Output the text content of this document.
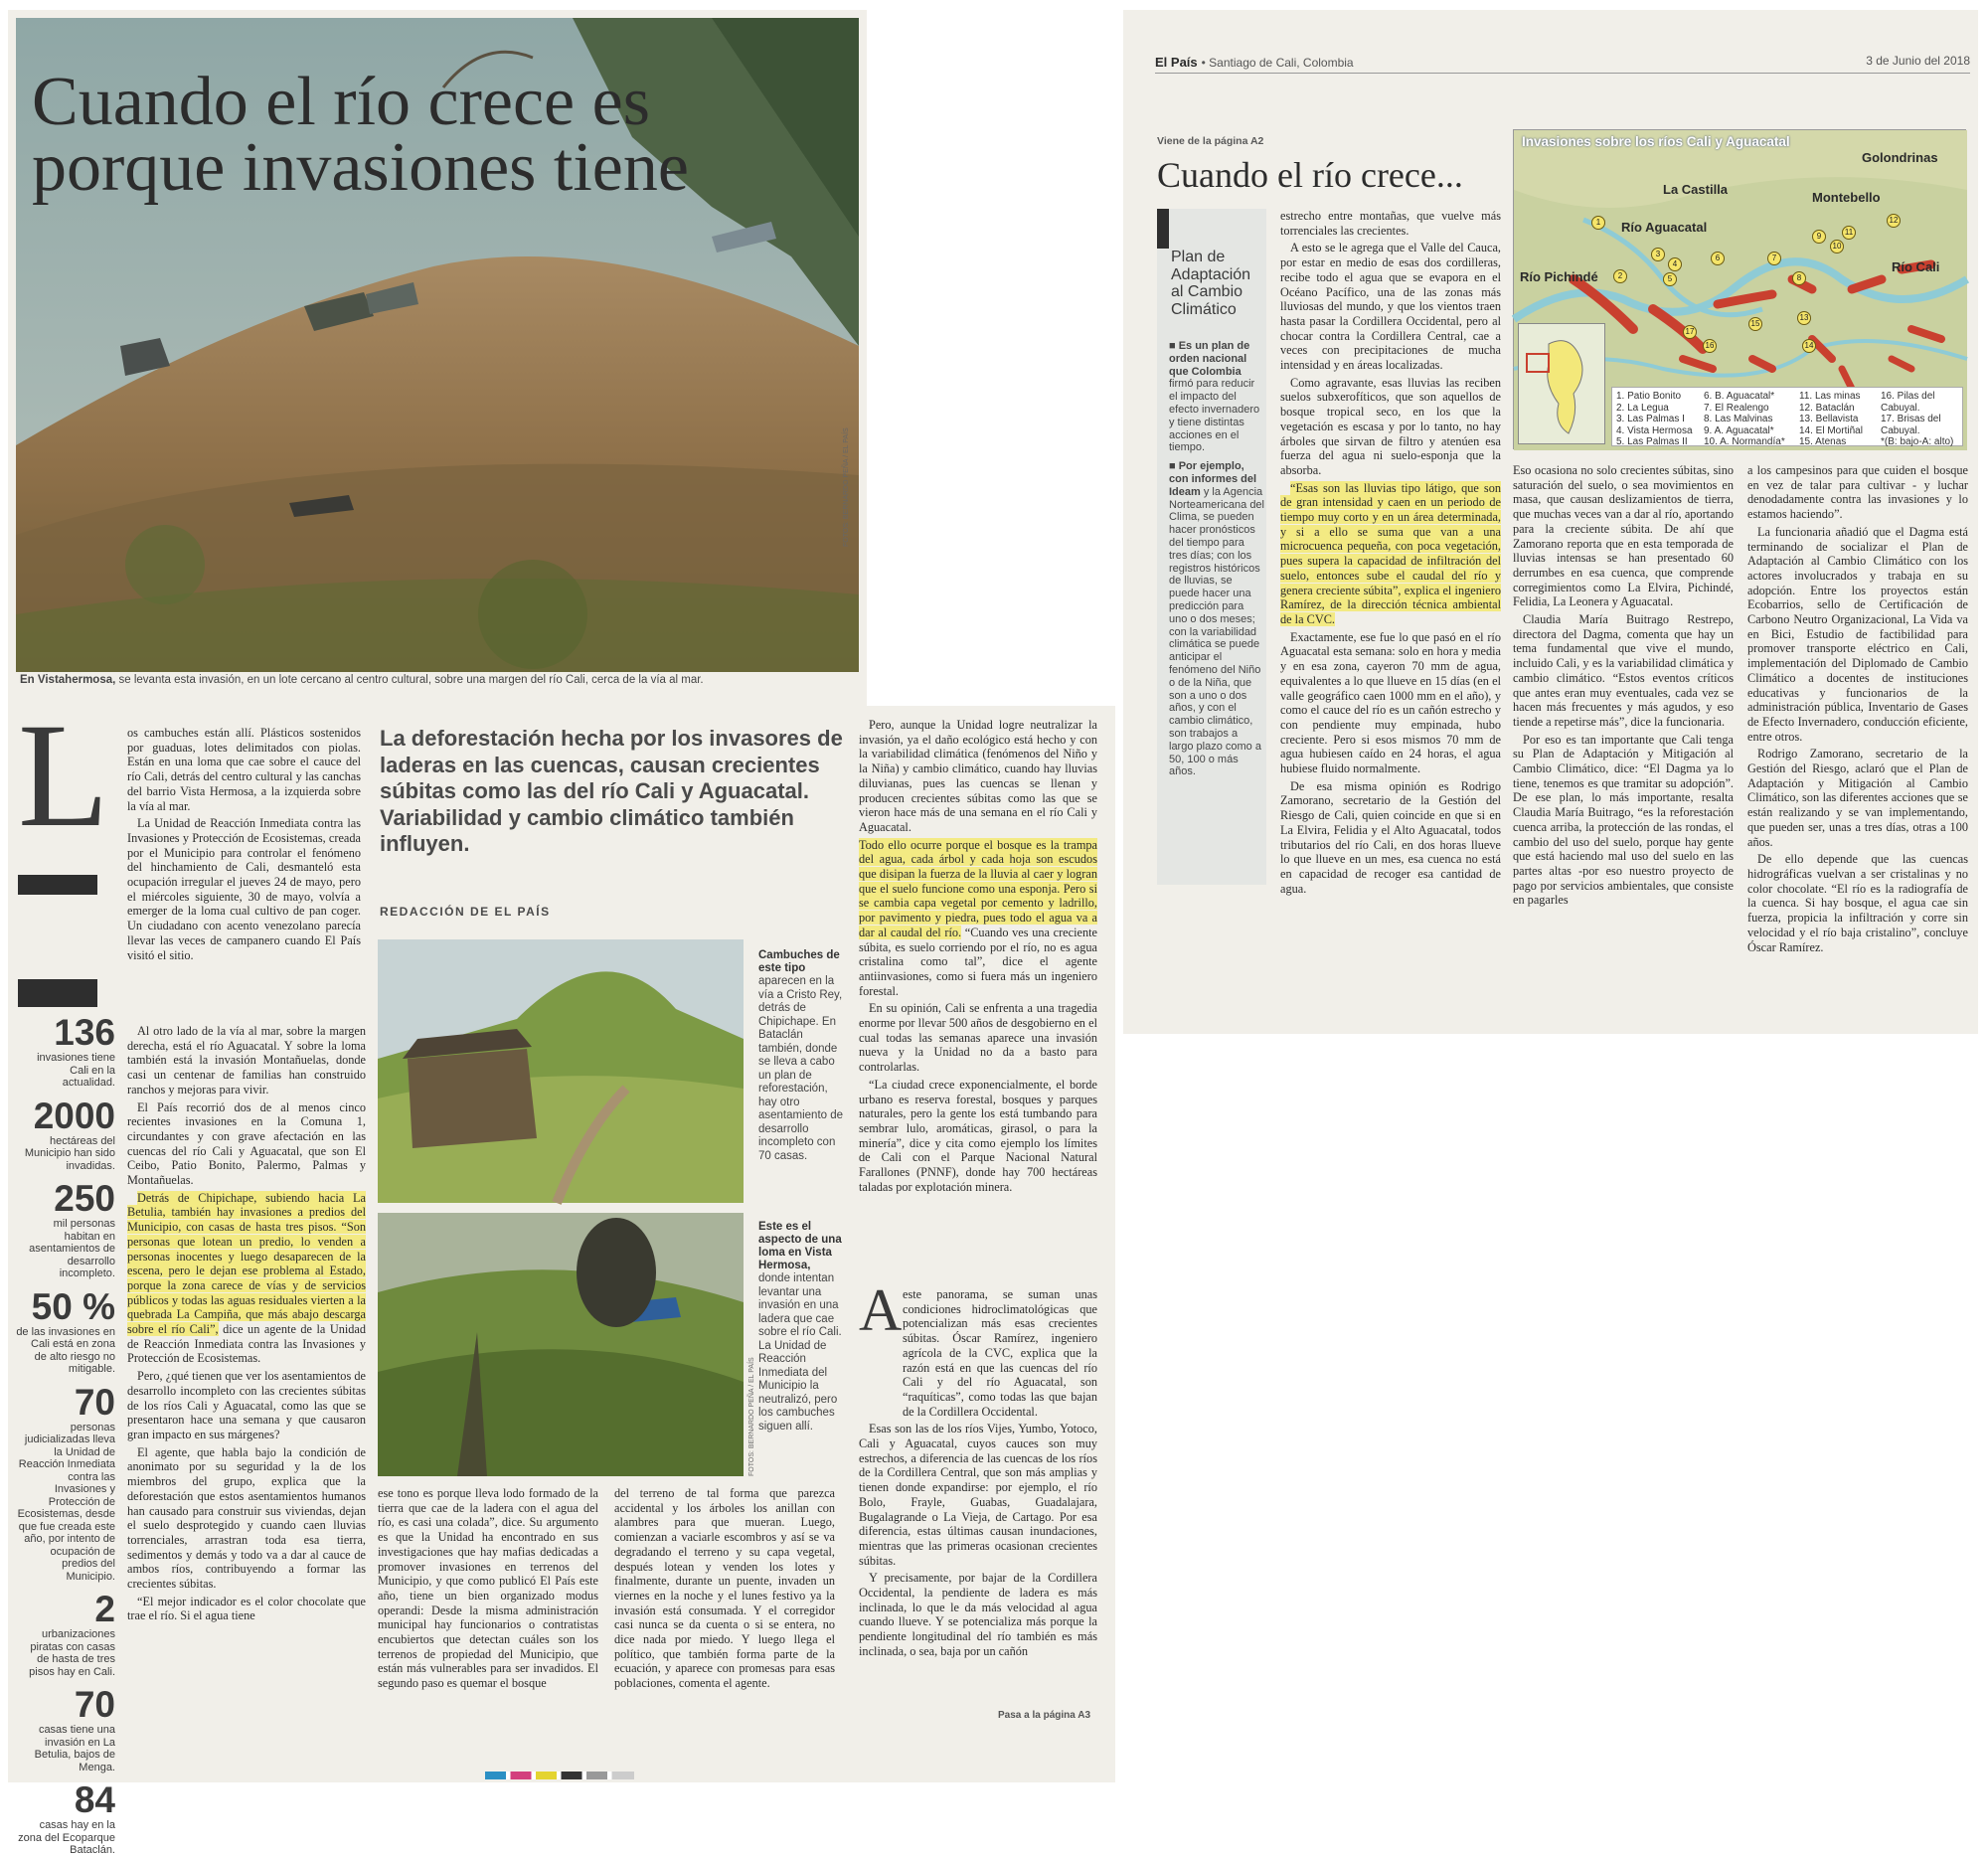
Cuando el río crece es
porque invasiones tiene
FOTOS: BERNARDO PEÑA / EL PAÍS
En Vistahermosa, se levanta esta invasión, en un lote cercano al centro cultural, sobre una margen del río Cali, cerca de la vía al mar.
L os cambuches están allí. Plásticos sostenidos por guaduas, lotes delimitados con piolas. Están en una loma que cae sobre el cauce del río Cali, detrás del centro cultural y las canchas del barrio Vista Hermosa, a la izquierda sobre la vía al mar.

La Unidad de Reacción Inmediata contra las Invasiones y Protección de Ecosistemas, creada por el Municipio para controlar el fenómeno del hinchamiento de Cali, desmanteló esta ocupación irregular el jueves 24 de mayo, pero el miércoles siguiente, 30 de mayo, volvía a emerger de la loma cual cultivo de pan coger. Un ciudadano con acento venezolano parecía llevar las veces de campanero cuando El País visitó el sitio.

La deforestación hecha por los invasores de laderas en las cuencas, causan crecientes súbitas como las del río Cali y Aguacatal. Variabilidad y cambio climático también influyen.
REDACCIÓN DE EL PAÍS
136
invasiones tiene Cali en la actualidad.
2000
hectáreas del Municipio han sido invadidas.
250
mil personas habitan en asentamientos de desarrollo incompleto.
50 %
de las invasiones en Cali está en zona de alto riesgo no mitigable.
70
personas judicializadas lleva la Unidad de Reacción Inmediata contra las Invasiones y Protección de Ecosistemas, desde que fue creada este año, por intento de ocupación de predios del Municipio.
2
urbanizaciones piratas con casas de hasta de tres pisos hay en Cali.
70
casas tiene una invasión en La Betulia, bajos de Menga.
84
casas hay en la zona del Ecoparque Bataclán.

Al otro lado de la vía al mar, sobre la margen derecha, está el río Aguacatal. Y sobre la loma también está la invasión Montañuelas, donde casi un centenar de familias han construido ranchos y mejoras para vivir.

El País recorrió dos de al menos cinco recientes invasiones en la Comuna 1, circundantes y con grave afectación en las cuencas del río Cali y Aguacatal, que son El Ceibo, Patio Bonito, Palermo, Palmas y Montañuelas.

Detrás de Chipichape, subiendo hacia La Betulia, también hay invasiones a predios del Municipio, con casas de hasta tres pisos. “Son personas que lotean un predio, lo venden a personas inocentes y luego desaparecen de la escena, pero le dejan ese problema al Estado, porque la zona carece de vías y de servicios públicos y todas las aguas residuales vierten a la quebrada La Campiña, que más abajo descarga sobre el río Cali”, dice un agente de la Unidad de Reacción Inmediata contra las Invasiones y Protección de Ecosistemas.

Pero, ¿qué tienen que ver los asentamientos de desarrollo incompleto con las crecientes súbitas de los ríos Cali y Aguacatal, como las que se presentaron hace una semana y que causaron gran impacto en sus márgenes?

El agente, que habla bajo la condición de anonimato por su seguridad y la de los miembros del grupo, explica que la deforestación que estos asentamientos humanos han causado para construir sus viviendas, dejan el suelo desprotegido y cuando caen lluvias torrenciales, arrastran toda esa tierra, sedimentos y demás y todo va a dar al cauce de ambos ríos, contribuyendo a formar las crecientes súbitas.

“El mejor indicador es el color chocolate que trae el río. Si el agua tiene

FOTOS: BERNARDO PEÑA / EL PAÍS
Cambuches de este tipo
aparecen en la vía a Cristo Rey, detrás de Chipichape. En Bataclán también, donde se lleva a cabo un plan de reforestación, hay otro asentamiento de desarrollo incompleto con 70 casas.
Este es el aspecto de una loma en Vista Hermosa,
donde intentan levantar una invasión en una ladera que cae sobre el río Cali. La Unidad de Reacción Inmediata del Municipio la neutralizó, pero los cambuches siguen allí.

ese tono es porque lleva lodo formado de la tierra que cae de la ladera con el agua del río, es casi una colada”, dice. Su argumento es que la Unidad ha encontrado en sus investigaciones que hay mafias dedicadas a promover invasiones en terrenos del Municipio, y que como publicó El País este año, tiene un bien organizado modus operandi: Desde la misma administración municipal hay funcionarios o contratistas encubiertos que detectan cuáles son los terrenos de propiedad del Municipio, que están más vulnerables para ser invadidos. El segundo paso es quemar el bosque

del terreno de tal forma que parezca accidental y los árboles los anillan con alambres para que mueran. Luego, comienzan a vaciarle escombros y así se va degradando el terreno y su capa vegetal, después lotean y venden los lotes y finalmente, durante un puente, invaden un viernes en la noche y el lunes festivo ya la invasión está consumada. Y el corregidor casi nunca se da cuenta o si se entera, no dice nada por miedo. Y luego llega el político, que también forma parte de la ecuación, y aparece con promesas para esas poblaciones, comenta el agente.

Pero, aunque la Unidad logre neutralizar la invasión, ya el daño ecológico está hecho y con la variabilidad climática (fenómenos del Niño y la Niña) y cambio climático, cuando hay lluvias diluvianas, pues las cuencas se llenan y producen crecientes súbitas como las que se vieron hace más de una semana en el río Cali y Aguacatal.

Todo ello ocurre porque el bosque es la trampa del agua, cada árbol y cada hoja son escudos que disipan la fuerza de la lluvia al caer y logran que el suelo funcione como una esponja. Pero si se cambia capa vegetal por cemento y ladrillo, por pavimento y piedra, pues todo el agua va a dar al caudal del río. “Cuando ves una creciente súbita, es suelo corriendo por el río, no es agua cristalina como tal”, dice el agente antiinvasiones, como si fuera más un ingeniero forestal.

En su opinión, Cali se enfrenta a una tragedia enorme por llevar 500 años de desgobierno en el cual todas las semanas aparece una invasión nueva y la Unidad no da a basto para controlarlas.

“La ciudad crece exponencialmente, el borde urbano es reserva forestal, bosques y parques naturales, pero la gente los está tumbando para sembrar lulo, aromáticas, girasol, o para la minería”, dice y cita como ejemplo los límites de Cali con el Parque Nacional Natural Farallones (PNNF), donde hay 700 hectáreas taladas por explotación minera.

A este panorama, se suman unas condiciones hidroclimatológicas que potencializan más esas crecientes súbitas. Óscar Ramírez, ingeniero agrícola de la CVC, explica que la razón está en que las cuencas del río Cali y del río Aguacatal, son “raquíticas”, como todas las que bajan de la Cordillera Occidental.

Esas son las de los ríos Vijes, Yumbo, Yotoco, Cali y Aguacatal, cuyos cauces son muy estrechos, a diferencia de las cuencas de los ríos de la Cordillera Central, que son más amplias y tienen donde expandirse: por ejemplo, el río Bolo, Frayle, Guabas, Guadalajara, Bugalagrande o La Vieja, de Cartago. Por esa diferencia, estas últimas causan inundaciones, mientras que las primeras ocasionan crecientes súbitas.

Y precisamente, por bajar de la Cordillera Occidental, la pendiente de ladera es más inclinada, lo que le da más velocidad al agua cuando llueve. Y se potencializa más porque la pendiente longitudinal del río también es más inclinada, o sea, baja por un cañón

Pasa a la página A3
El País • Santiago de Cali, Colombia	3 de Junio del 2018
Viene de la página A2
Cuando el río crece...
Plan de Adaptación al Cambio Climático

■ Es un plan de orden nacional que Colombia firmó para reducir el impacto del efecto invernadero y tiene distintas acciones en el tiempo.

■ Por ejemplo, con informes del Ideam y la Agencia Norteamericana del Clima, se pueden hacer pronósticos del tiempo para tres días; con los registros históricos de lluvias, se puede hacer una predicción para uno o dos meses; con la variabilidad climática se puede anticipar el fenómeno del Niño o de la Niña, que son a uno o dos años, y con el cambio climático, son trabajos a largo plazo como a 50, 100 o más años.

estrecho entre montañas, que vuelve más torrenciales las crecientes.

A esto se le agrega que el Valle del Cauca, por estar en medio de esas dos cordilleras, recibe todo el agua que se evapora en el Océano Pacífico, una de las zonas más lluviosas del mundo, y que los vientos traen hasta pasar la Cordillera Occidental, pero al chocar contra la Cordillera Central, cae a veces con precipitaciones de mucha intensidad y en áreas localizadas.

Como agravante, esas lluvias las reciben suelos subxerofíticos, que son aquellos de bosque tropical seco, en los que la vegetación es escasa y por lo tanto, no hay árboles que sirvan de filtro y atenúen esa fuerza del agua ni suelo-esponja que la absorba.

“Esas son las lluvias tipo látigo, que son de gran intensidad y caen en un periodo de tiempo muy corto y en un área determinada, y si a ello se suma que van a una microcuenca pequeña, con poca vegetación, pues supera la capacidad de infiltración del suelo, entonces sube el caudal del río y genera creciente súbita”, explica el ingeniero Ramírez, de la dirección técnica ambiental de la CVC.

Exactamente, ese fue lo que pasó en el río Aguacatal esta semana: solo en hora y media y en esa zona, cayeron 70 mm de agua, equivalentes a lo que llueve en 15 días (en el valle geográfico caen 1000 mm en el año), y como el cauce del río es un cañón estrecho y con pendiente muy empinada, hubo creciente. Pero si esos mismos 70 mm de agua hubiesen caído en 24 horas, el agua hubiese fluido normalmente.

De esa misma opinión es Rodrigo Zamorano, secretario de la Gestión del Riesgo de Cali, quien coincide en que si en La Elvira, Felidia y el Alto Aguacatal, todos tributarios del río Cali, en dos horas llueve lo que llueve en un mes, esa cuenca no está en capacidad de recoger esa cantidad de agua.

Invasiones sobre los ríos Cali y Aguacatal
Golondrinas
La Castilla
Montebello
Río Aguacatal
Río Pichindé
Río Cali
1
2
3
4
5
6	7
8
9
10
11
12
13
14
15
16
17
1. Patio Bonito
2. La Legua
3. Las Palmas I
4. Vista Hermosa
5. Las Palmas II
6. B. Aguacatal*
7. El Realengo
8. Las Malvinas
9. A. Aguacatal*
10. A. Normandía*
11. Las minas
12. Bataclán
13. Bellavista
14. El Mortiñal
15. Atenas
16. Pilas del Cabuyal.
17. Brisas del Cabuyal.
*(B: bajo-A: alto)

Eso ocasiona no solo crecientes súbitas, sino saturación del suelo, o sea movimientos en masa, que causan deslizamientos de tierra, que muchas veces van a dar al río, aportando para la creciente súbita. De ahí que Zamorano reporta que en esta temporada de lluvias intensas se han presentado 60 derrumbes en esa cuenca, que comprende corregimientos como La Elvira, Pichindé, Felidia, La Leonera y Aguacatal.

Claudia María Buitrago Restrepo, directora del Dagma, comenta que hay un tema fundamental que vive el mundo, incluido Cali, y es la variabilidad climática y cambio climático. “Estos eventos críticos que antes eran muy eventuales, cada vez se hacen más frecuentes y más agudos, y eso tiende a repetirse más”, dice la funcionaria.

Por eso es tan importante que Cali tenga su Plan de Adaptación y Mitigación al Cambio Climático, dice: “El Dagma ya lo tiene, tenemos es que tramitar su adopción”. De ese plan, lo más importante, resalta Claudia María Buitrago, “es la reforestación cuenca arriba, la protección de las rondas, el cambio del uso del suelo, porque hay gente que está haciendo mal uso del suelo en las partes altas -por eso nuestro proyecto de pago por servicios ambientales, que consiste en pagarles

a los campesinos para que cuiden el bosque en vez de talar para cultivar - y luchar denodadamente contra las invasiones y lo estamos haciendo”.

La funcionaria añadió que el Dagma está terminando de socializar el Plan de Adaptación al Cambio Climático con los actores involucrados y trabaja en su adopción. Entre los proyectos están Ecobarrios, sello de Certificación de Carbono Neutro Organizacional, La Vida va en Bici, Estudio de factibilidad para promover transporte eléctrico en Cali, implementación del Diplomado de Cambio Climático a docentes de instituciones educativas y funcionarios de la administración pública, Inventario de Gases de Efecto Invernadero, conducción eficiente, entre otros.

Rodrigo Zamorano, secretario de la Gestión del Riesgo, aclaró que el Plan de Adaptación y Mitigación al Cambio Climático, son las diferentes acciones que se están realizando y se van implementando, que pueden ser, unas a tres días, otras a 100 años.

De ello depende que las cuencas hidrográficas vuelvan a ser cristalinas y no color chocolate. “El río es la radiografía de la cuenca. Si hay bosque, el agua cae sin fuerza, propicia la infiltración y corre sin velocidad y el río baja cristalino”, concluye Óscar Ramírez.
